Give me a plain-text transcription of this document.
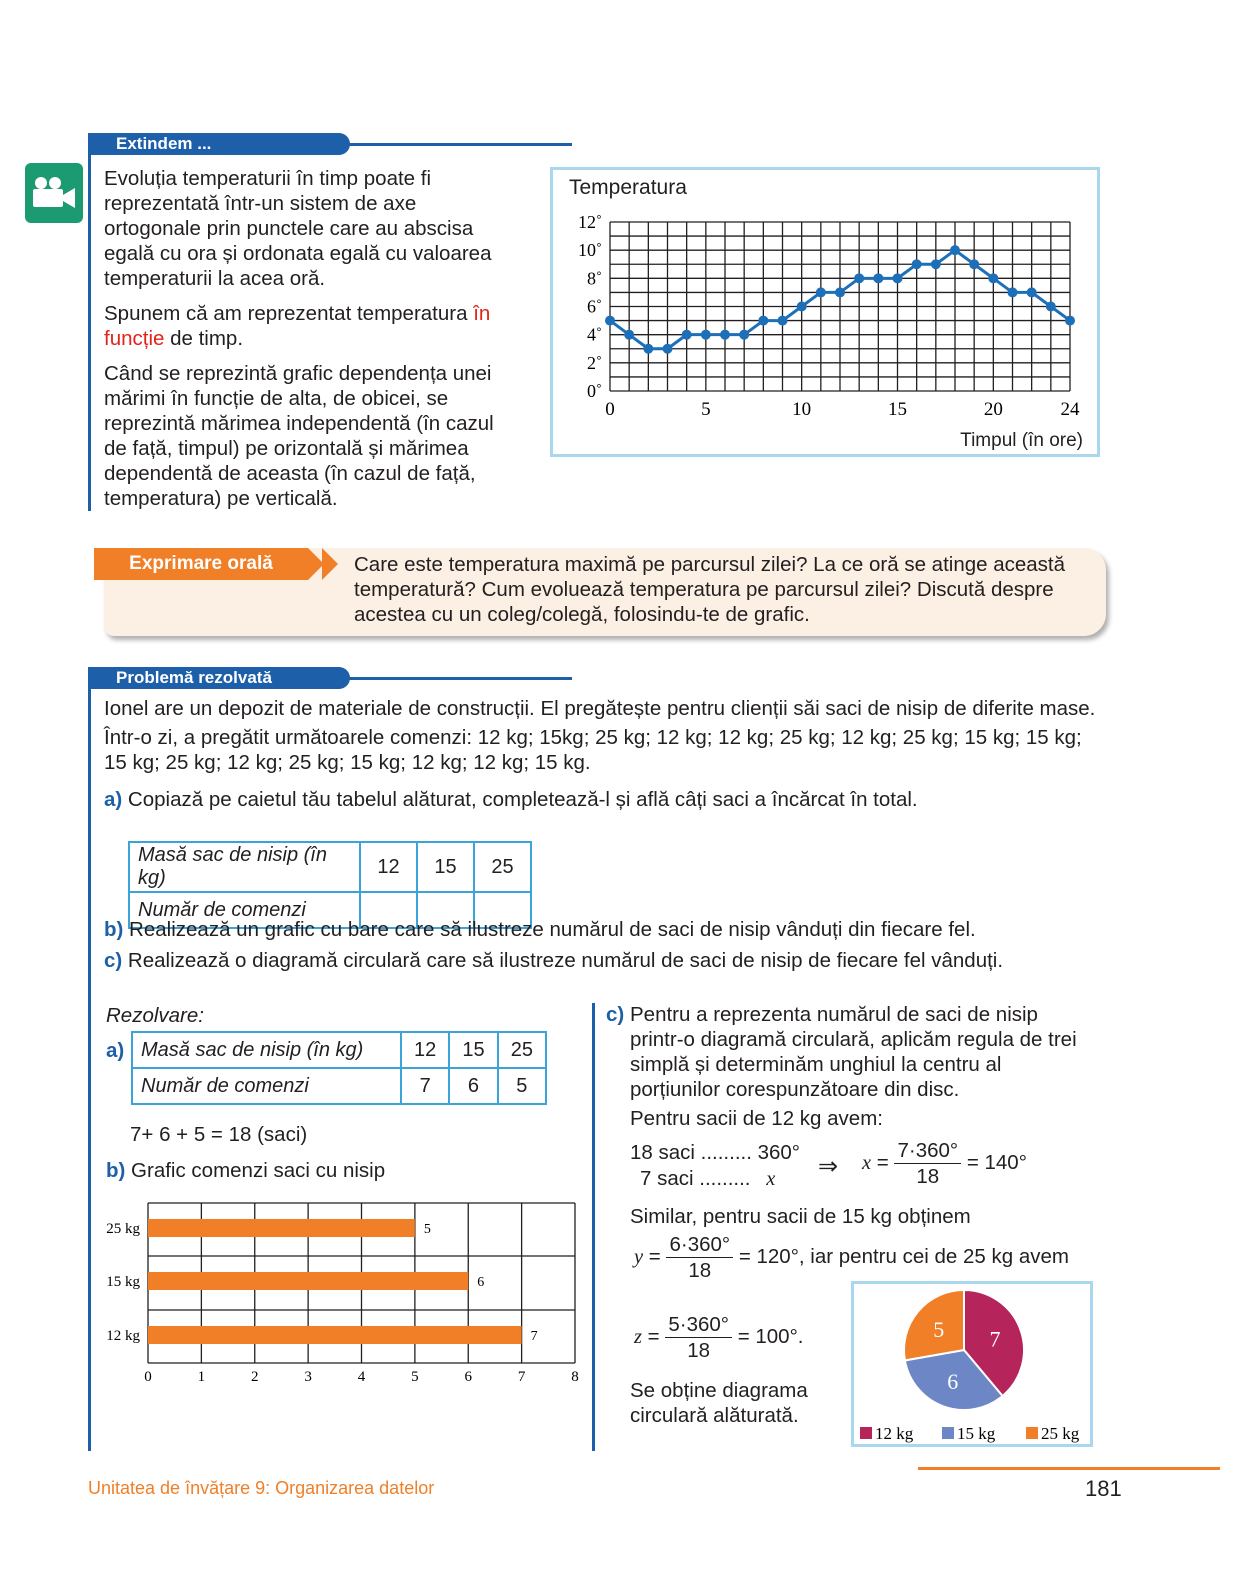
Extindem ...

Evoluția temperaturii în timp poate fi reprezentată într-un sistem de axe ortogonale prin punctele care au abscisa egală cu ora și ordonata egală cu valoarea temperaturii la acea oră.

Spunem că am reprezentat temperatura în funcție de timp.

Când se reprezintă grafic dependența unei mărimi în funcție de alta, de obicei, se reprezintă mărimea independentă (în cazul de față, timpul) pe orizontală și mărimea dependentă de aceasta (în cazul de față, temperatura) pe verticală.

Temperatura
0˚
2˚
4˚
6˚
8˚
10˚
12˚
0	5	10	15	20	24
Timpul (în ore)
Exprimare orală	Care este temperatura maximă pe parcursul zilei? La ce oră se atinge această temperatură? Cum evoluează temperatura pe parcursul zilei? Discută despre acestea cu un coleg/colegă, folosindu-te de grafic.
Problemă rezolvată

Ionel are un depozit de materiale de construcții. El pregătește pentru clienții săi saci de nisip de diferite mase.

Într-o zi, a pregătit următoarele comenzi: 12 kg; 15kg; 25 kg; 12 kg; 12 kg; 25 kg; 12 kg; 25 kg; 15 kg; 15 kg; 15 kg; 25 kg; 12 kg; 25 kg; 15 kg; 12 kg; 12 kg; 15 kg.

a) Copiază pe caietul tău tabelul alăturat, completează-l și află câți saci a încărcat în total.

Masă sac de nisip (în kg)	12	15	25
Număr de comenzi			

b) Realizează un grafic cu bare care să ilustreze numărul de saci de nisip vânduți din fiecare fel.

c) Realizează o diagramă circulară care să ilustreze numărul de saci de nisip de fiecare fel vânduți.

Rezolvare:
a) Masă sac de nisip (în kg)	12	15	25
Număr de comenzi	7	6	5
7+ 6 + 5 = 18 (saci)
b) Grafic comenzi saci cu nisip
25 kg	5
15 kg	6
12 kg	7
0	1	2	3	4	5	6	7	8
c) Pentru a reprezenta numărul de saci de nisip printr-o diagramă circulară, aplicăm regula de trei simplă și determinăm unghiul la centru al porțiunilor corespunzătoare din disc.

Pentru sacii de 12 kg avem:

18 saci ......... 360°
7 saci ......... x ⇒ $x = \frac{7\cdot 360^\circ}{18} = 140^\circ$
Similar, pentru sacii de 15 kg obținem
$y = \frac{6\cdot 360^\circ}{18} = 120^\circ$, iar pentru cei de 25 kg avem
$z = \frac{5\cdot 360^\circ}{18} = 100^\circ$.
Se obține diagrama circulară alăturată.
7
6
5
12 kg	15 kg	25 kg
Unitatea de învățare 9: Organizarea datelor	181
